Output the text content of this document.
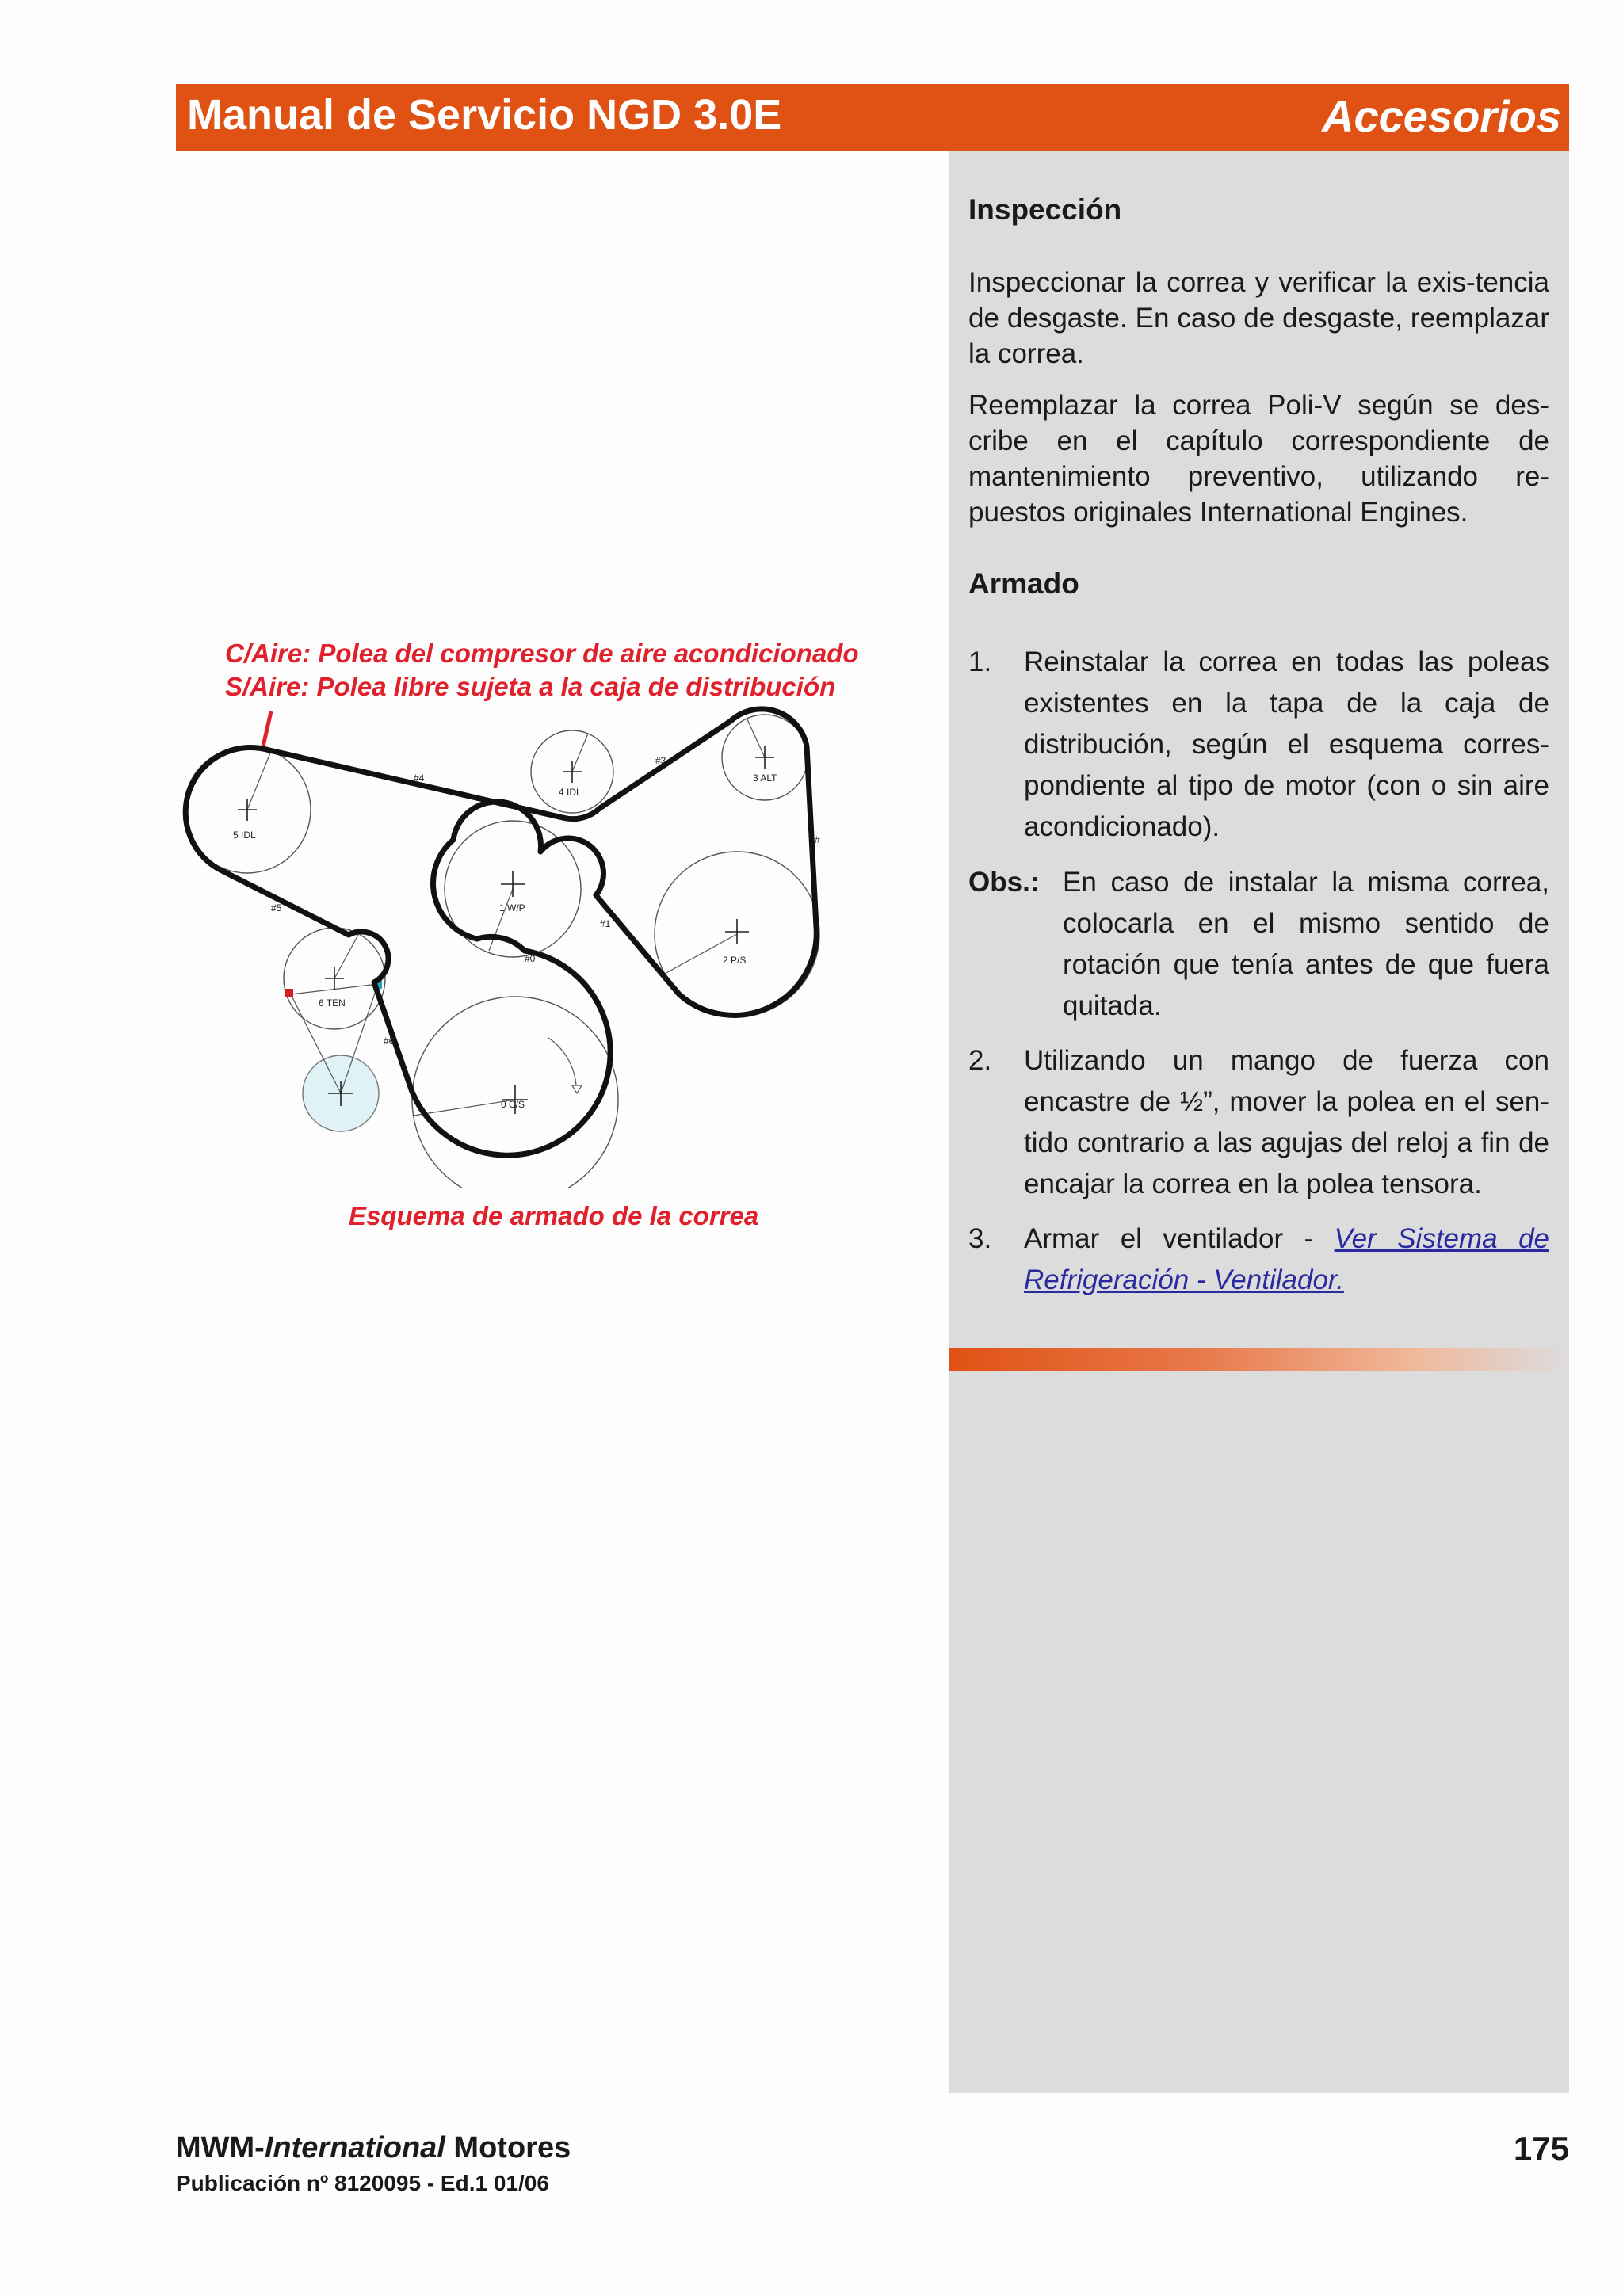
Manual de Servicio NGD 3.0E	Accesorios
Inspección
Inspeccionar la correa y verificar la exis-tencia de desgaste. En caso de desgaste, reemplazar la correa.
Reemplazar la correa Poli-V según se des-cribe en el capítulo correspondiente de mantenimiento preventivo, utilizando re-puestos originales International Engines.
Armado
1. Reinstalar la correa en todas las poleas existentes en la tapa de la caja de distribución, según el esquema corres-pondiente al tipo de motor (con o sin aire acondicionado).
Obs.: En caso de instalar la misma correa, colocarla en el mismo sentido de rotación que tenía antes de que fuera quitada.
2. Utilizando un mango de fuerza con encastre de ½”, mover la polea en el sen-tido contrario a las agujas del reloj a fin de encajar la correa en la polea tensora.
3. Armar el ventilador - Ver Sistema de Refrigeración - Ventilador.
C/Aire: Polea del compresor de aire acondicionado
S/Aire: Polea libre sujeta a la caja de distribución
5 IDL
4 IDL
3 ALT
1 W/P
2 P/S
6 TEN
0 C/S
#4
#3
#5
#1
#0
#6
#
Esquema de armado de la correa
MWM-International Motores
Publicación nº 8120095 - Ed.1 01/06
175
